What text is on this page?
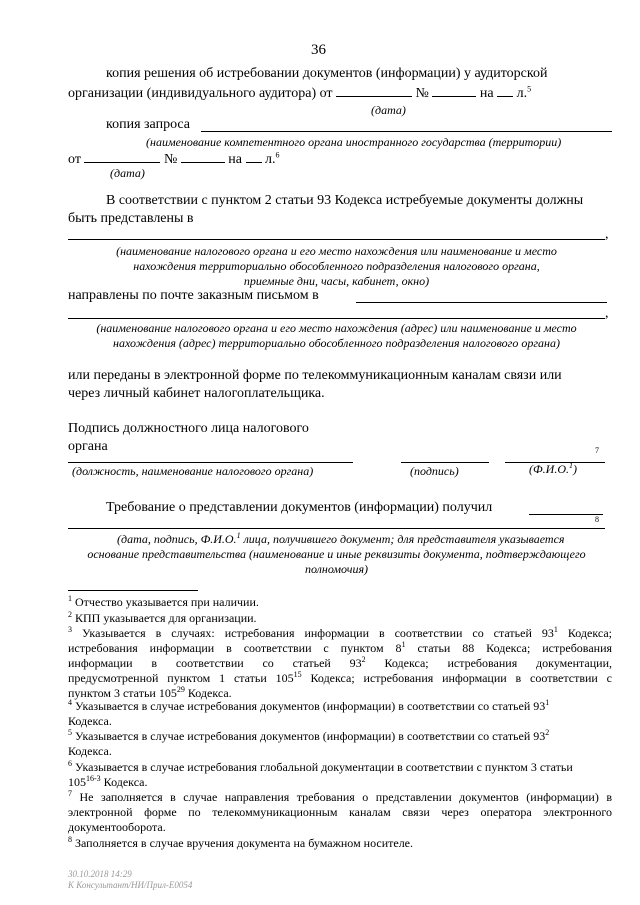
36
копия решения об истребовании документов (информации) у аудиторской
организации (индивидуального аудитора) от	№	на л.$^5$
(дата)
копия запроса
(наименование компетентного органа иностранного государства (территории)
от	№	на л.$^6$
(дата)
В соответствии с пунктом 2 статьи 93 Кодекса истребуемые документы должны
быть представлены в
,
(наименование налогового органа и его место нахождения или наименование и место
нахождения территориально обособленного подразделения налогового органа,
приемные дни, часы, кабинет, окно)
направлены по почте заказным письмом в
,
(наименование налогового органа и его место нахождения (адрес) или наименование и место
нахождения (адрес) территориально обособленного подразделения налогового органа)
или переданы в электронной форме по телекоммуникационным каналам связи или
через личный кабинет налогоплательщика.
Подпись должностного лица налогового
органа	7
(должность, наименование налогового органа)	(подпись)	(Ф.И.О.$^1$)
Требование о представлении документов (информации) получил
8
(дата, подпись, Ф.И.О.$^1$ лица, получившего документ; для представителя указывается
основание представительства (наименование и иные реквизиты документа, подтверждающего
полномочия)
$^1$ Отчество указывается при наличии.
$^2$ КПП указывается для организации.
$^3$ Указывается в случаях: истребования информации в соответствии со статьей $93^1$ Кодекса;
истребования информации в соответствии с пунктом $8^1$ статьи 88 Кодекса; истребования
информации в соответствии со статьей $93^2$ Кодекса; истребования документации,
предусмотренной пунктом 1 статьи $105^{15}$ Кодекса; истребования информации в соответствии с
пунктом 3 статьи $105^{29}$ Кодекса.
$^4$ Указывается в случае истребования документов (информации) в соответствии со статьей $93^1$
Кодекса.
$^5$ Указывается в случае истребования документов (информации) в соответствии со статьей $93^2$
Кодекса.
$^6$ Указывается в случае истребования глобальной документации в соответствии с пунктом 3 статьи
105$^{16-3}$ Кодекса.
$^7$ Не заполняется в случае направления требования о представлении документов (информации) в
электронной форме по телекоммуникационным каналам связи через оператора электронного
документооборота.
$^8$ Заполняется в случае вручения документа на бумажном носителе.
30.10.2018 14:29
К Консультант/НИ/Прил-Е0054
